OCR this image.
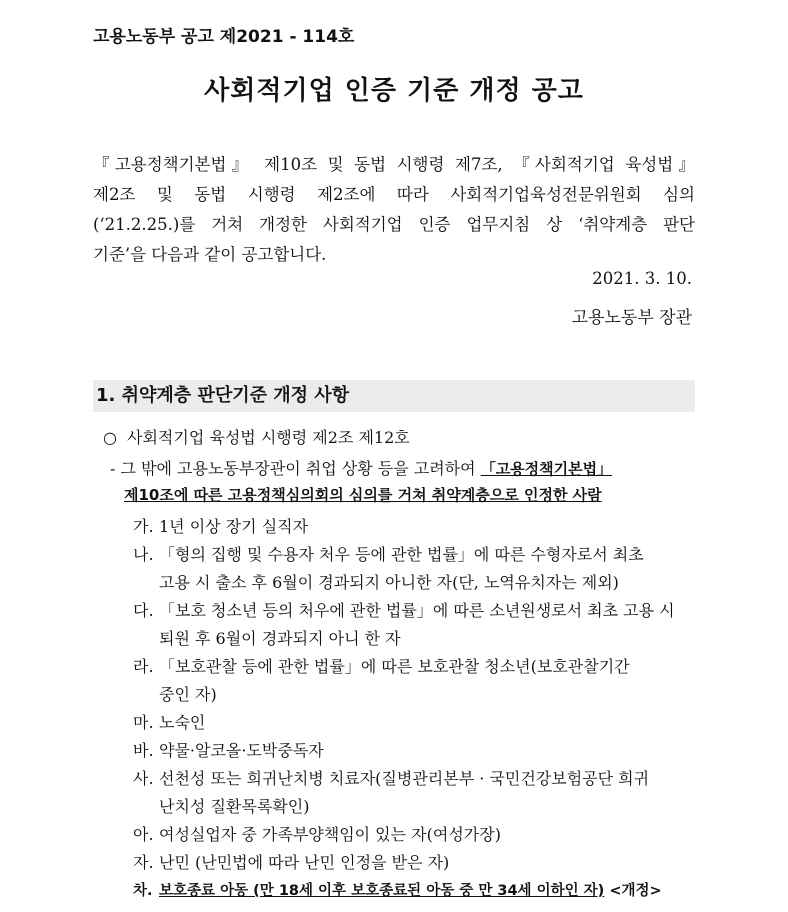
고용노동부 공고 제2021 - 114호
사회적기업 인증 기준 개정 공고
『고용정책기본법』 제10조 및 동법 시행령 제7조, 『사회적기업 육성법』
제2조 및 동법 시행령 제2조에 따라 사회적기업육성전문위원회 심의
(‘21.2.25.)를 거쳐 개정한 사회적기업 인증 업무지침 상 ‘취약계층 판단
기준’을 다음과 같이 공고합니다.
2021. 3. 10.
고용노동부 장관
1. 취약계층 판단기준 개정 사항
○ 사회적기업 육성법 시행령 제2조 제12호
- 그 밖에 고용노동부장관이 취업 상황 등을 고려하여 「고용정책기본법」
제10조에 따른 고용정책심의회의 심의를 거쳐 취약계층으로 인정한 사람
가. 1년 이상 장기 실직자
나. 「형의 집행 및 수용자 처우 등에 관한 법률」에 따른 수형자로서 최초
고용 시 출소 후 6월이 경과되지 아니한 자(단, 노역유치자는 제외)
다. 「보호 청소년 등의 처우에 관한 법률」에 따른 소년원생로서 최초 고용 시
퇴원 후 6월이 경과되지 아니 한 자
라. 「보호관찰 등에 관한 법률」에 따른 보호관찰 청소년(보호관찰기간
중인 자)
마. 노숙인
바. 약물·알코올·도박중독자
사. 선천성 또는 희귀난치병 치료자(질병관리본부 · 국민건강보험공단 희귀
난치성 질환목록확인)
아. 여성실업자 중 가족부양책임이 있는 자(여성가장)
자. 난민 (난민법에 따라 난민 인정을 받은 자)
차. 보호종료 아동 (만 18세 이후 보호종료된 아동 중 만 34세 이하인 자) <개정>
